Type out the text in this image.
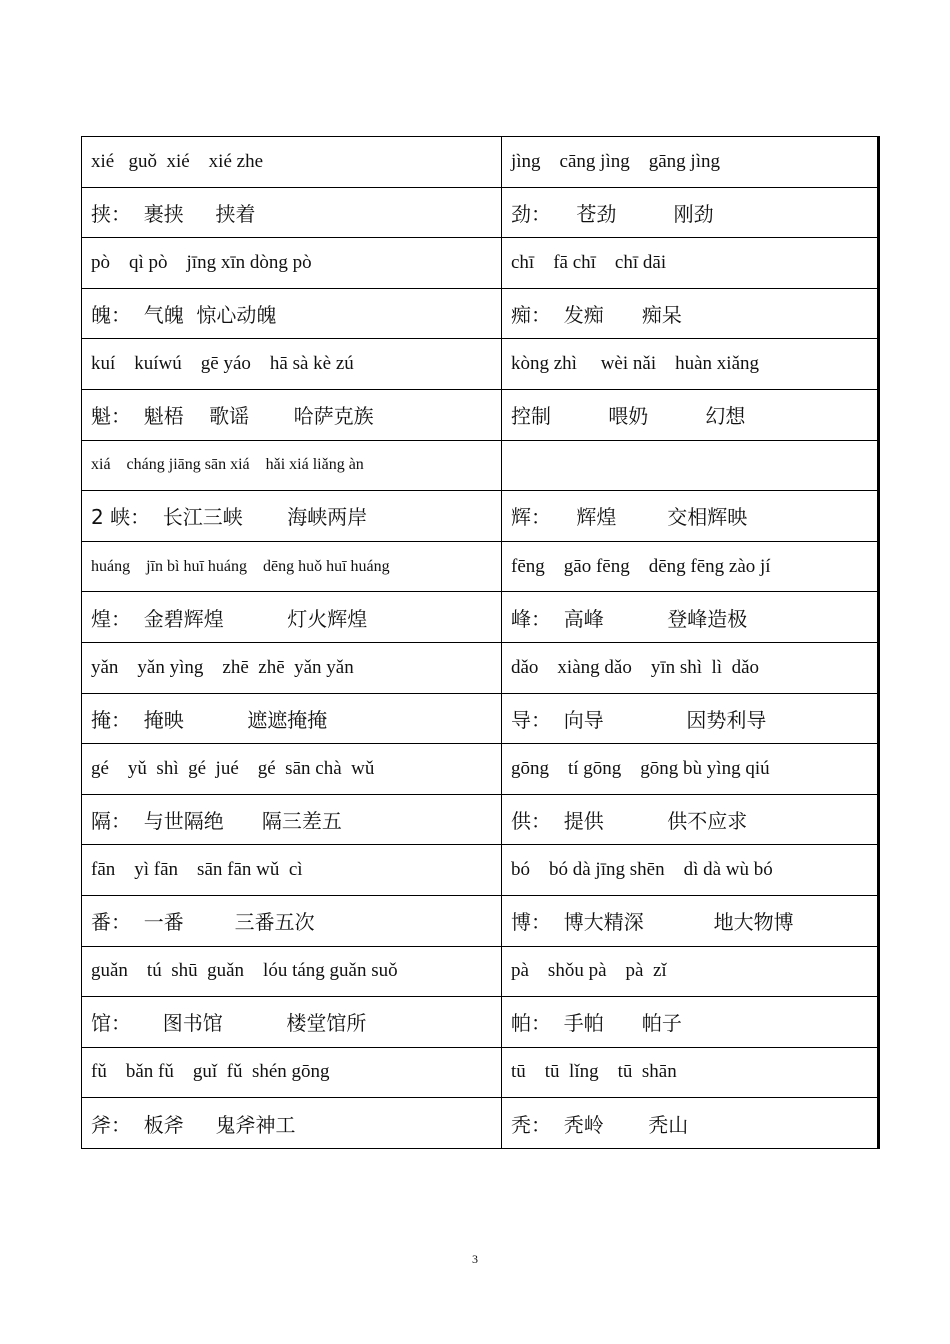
xié   guǒ  xié    xié zhe	jìng    cāng jìng    gāng jìng
挟：  裹挟     挟着	劲：    苍劲         刚劲
pò    qì pò    jīng xīn dòng pò	chī    fā chī    chī dāi
魄：  气魄  惊心动魄	痴：  发痴      痴呆
kuí    kuíwú    gē yáo    hā sà kè zú	kòng zhì     wèi nǎi    huàn xiǎng
魁：  魁梧    歌谣       哈萨克族	控制         喂奶         幻想
xiá    cháng jiāng sān xiá    hǎi xiá liǎng àn	
2 峡：  长江三峡       海峡两岸	辉：    辉煌        交相辉映
huáng    jīn bì huī huáng    dēng huǒ huī huáng	fēng    gāo fēng    dēng fēng zào jí
煌：  金碧辉煌          灯火辉煌	峰：  高峰          登峰造极
yǎn    yǎn yìng    zhē  zhē  yǎn yǎn	dǎo    xiàng dǎo    yīn shì  lì  dǎo
掩：  掩映          遮遮掩掩	导：  向导             因势利导
gé    yǔ  shì  gé  jué    gé  sān chà  wǔ	gōng    tí gōng    gōng bù yìng qiú
隔：  与世隔绝      隔三差五	供：  提供          供不应求
fān    yì fān    sān fān wǔ  cì	bó    bó dà jīng shēn    dì dà wù bó
番：  一番        三番五次	博：  博大精深           地大物博
guǎn    tú  shū  guǎn    lóu táng guǎn suǒ	pà    shǒu pà    pà  zǐ
馆：     图书馆          楼堂馆所	帕：  手帕      帕子
fǔ    bǎn fǔ    guǐ  fǔ  shén gōng	tū    tū  lǐng    tū  shān
斧：  板斧     鬼斧神工	秃：  秃岭       秃山
3
